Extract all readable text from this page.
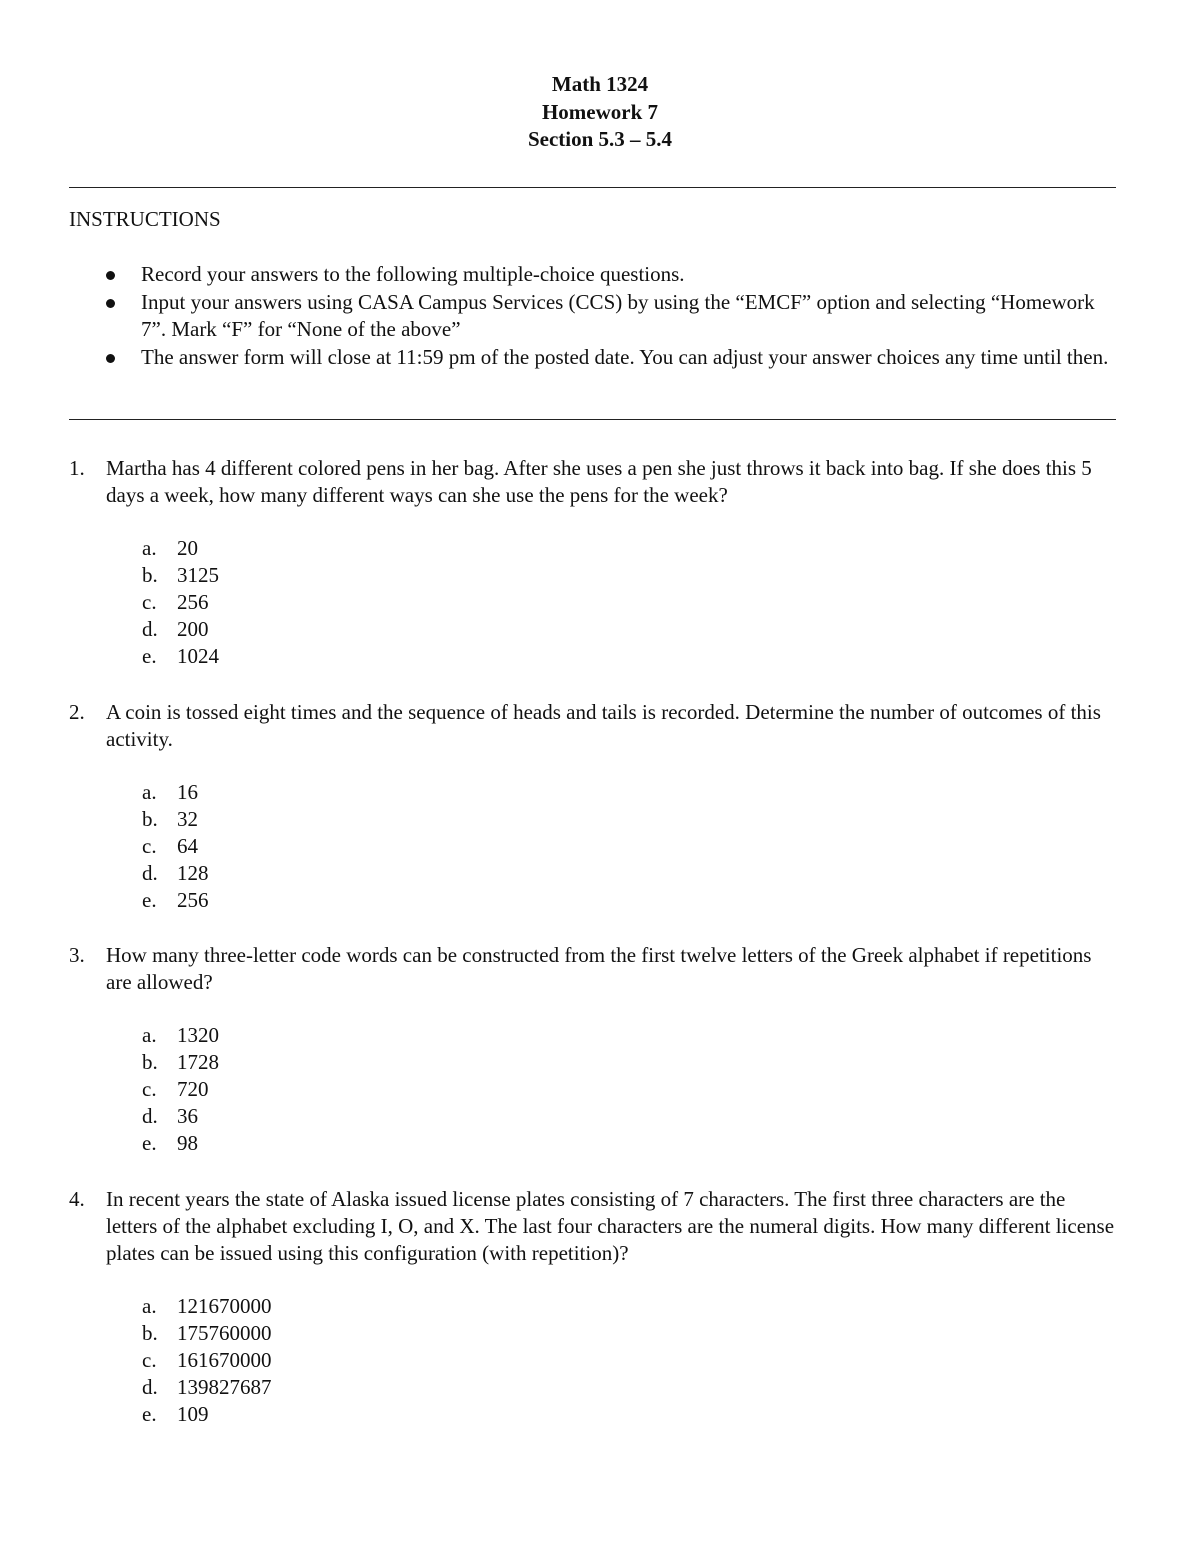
Math 1324
Homework 7
Section 5.3 – 5.4
INSTRUCTIONS
Record your answers to the following multiple-choice questions.
Input your answers using CASA Campus Services (CCS) by using the “EMCF” option and selecting “Homework 7”. Mark “F” for “None of the above”
The answer form will close at 11:59 pm of the posted date. You can adjust your answer choices any time until then.
1. Martha has 4 different colored pens in her bag. After she uses a pen she just throws it back into bag. If she does this 5 days a week, how many different ways can she use the pens for the week?
a. 20
b. 3125
c. 256
d. 200
e. 1024
2. A coin is tossed eight times and the sequence of heads and tails is recorded. Determine the number of outcomes of this activity.
a. 16
b. 32
c. 64
d. 128
e. 256
3. How many three-letter code words can be constructed from the first twelve letters of the Greek alphabet if repetitions are allowed?
a. 1320
b. 1728
c. 720
d. 36
e. 98
4. In recent years the state of Alaska issued license plates consisting of 7 characters. The first three characters are the letters of the alphabet excluding I, O, and X. The last four characters are the numeral digits. How many different license plates can be issued using this configuration (with repetition)?
a. 121670000
b. 175760000
c. 161670000
d. 139827687
e. 109
